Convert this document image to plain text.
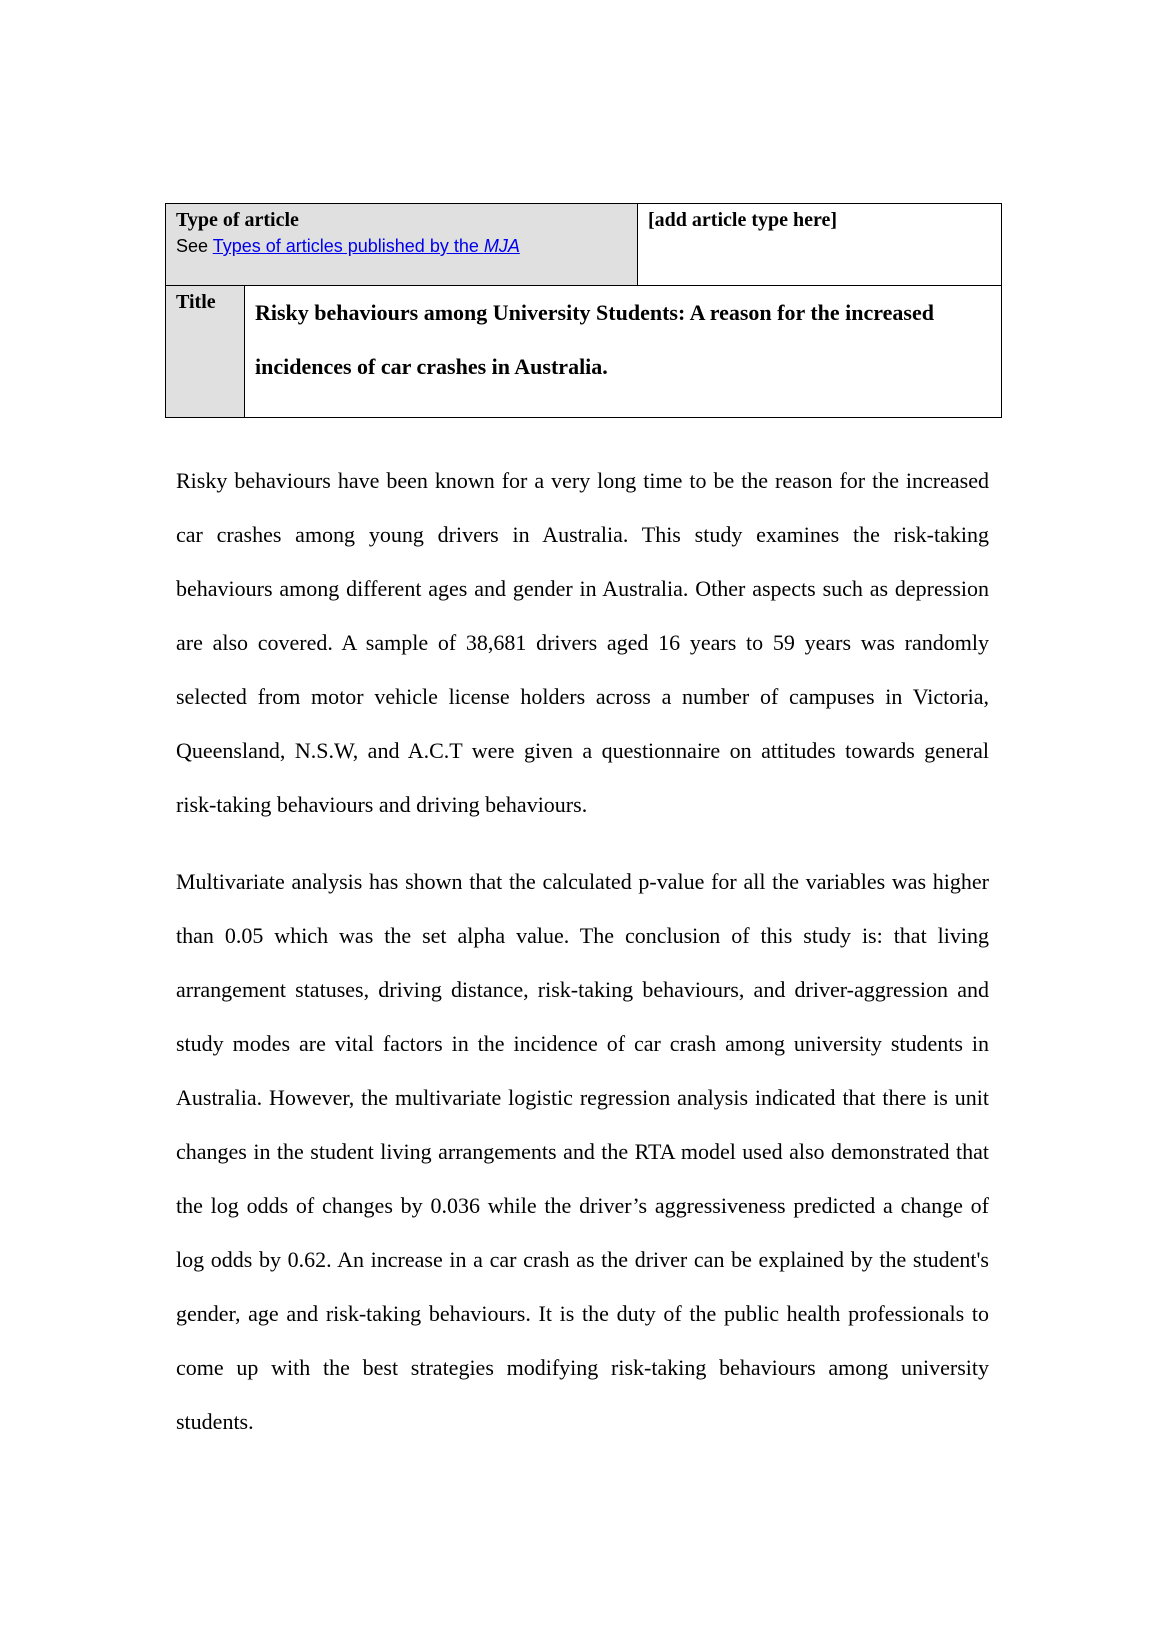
Type of article
See Types of articles published by the MJA		[add article type here]
Title	Risky behaviours among University Students: A reason for the increased incidences of car crashes in Australia.	

Risky behaviours have been known for a very long time to be the reason for the increased car crashes among young drivers in Australia. This study examines the risk-taking behaviours among different ages and gender in Australia. Other aspects such as depression are also covered. A sample of 38,681 drivers aged 16 years to 59 years was randomly selected from motor vehicle license holders across a number of campuses in Victoria, Queensland, N.S.W, and A.C.T were given a questionnaire on attitudes towards general risk-taking behaviours and driving behaviours.

Multivariate analysis has shown that the calculated p-value for all the variables was higher than 0.05 which was the set alpha value. The conclusion of this study is: that living arrangement statuses, driving distance, risk-taking behaviours, and driver-aggression and study modes are vital factors in the incidence of car crash among university students in Australia. However, the multivariate logistic regression analysis indicated that there is unit changes in the student living arrangements and the RTA model used also demonstrated that the log odds of changes by 0.036 while the driver’s aggressiveness predicted a change of log odds by 0.62. An increase in a car crash as the driver can be explained by the student's gender, age and risk-taking behaviours. It is the duty of the public health professionals to come up with the best strategies modifying risk-taking behaviours among university students.
